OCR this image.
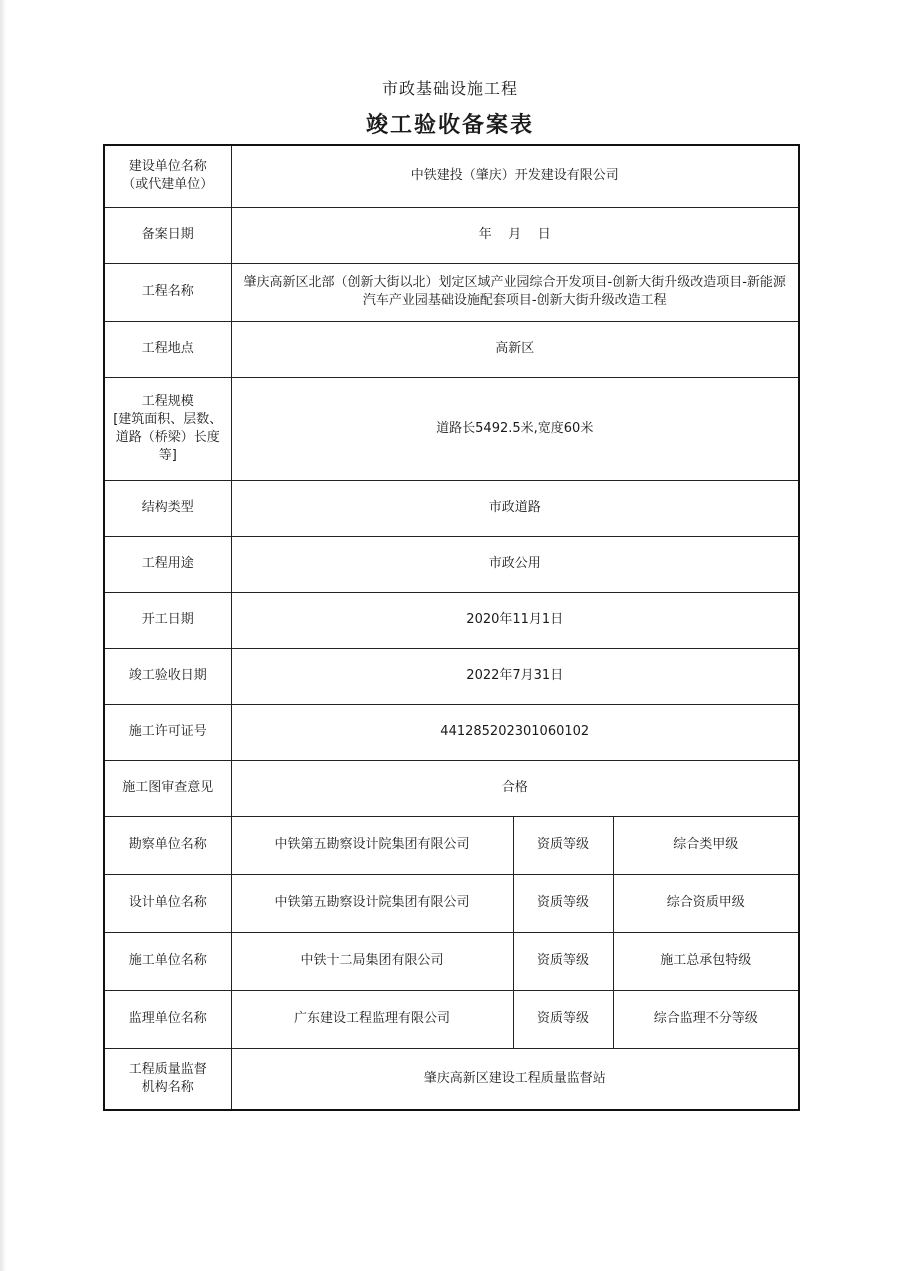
市政基础设施工程
竣工验收备案表
建设单位名称
（或代建单位）	中铁建投（肇庆）开发建设有限公司		
备案日期	年    月    日		
工程名称	肇庆高新区北部（创新大街以北）划定区域产业园综合开发项目-创新大街升级改造项目-新能源汽车产业园基础设施配套项目-创新大街升级改造工程		
工程地点	高新区		

工程规模
[建筑面积、层数、
道路（桥梁）长度
等]	道路长5492.5米,宽度60米		
结构类型	市政道路		
工程用途	市政公用		
开工日期	2020年11月1日		
竣工验收日期	2022年7月31日		
施工许可证号	441285202301060102		
施工图审查意见	合格		
勘察单位名称	中铁第五勘察设计院集团有限公司	资质等级	综合类甲级
设计单位名称	中铁第五勘察设计院集团有限公司	资质等级	综合资质甲级
施工单位名称	中铁十二局集团有限公司	资质等级	施工总承包特级
监理单位名称	广东建设工程监理有限公司	资质等级	综合监理不分等级

工程质量监督
机构名称	肇庆高新区建设工程质量监督站		
